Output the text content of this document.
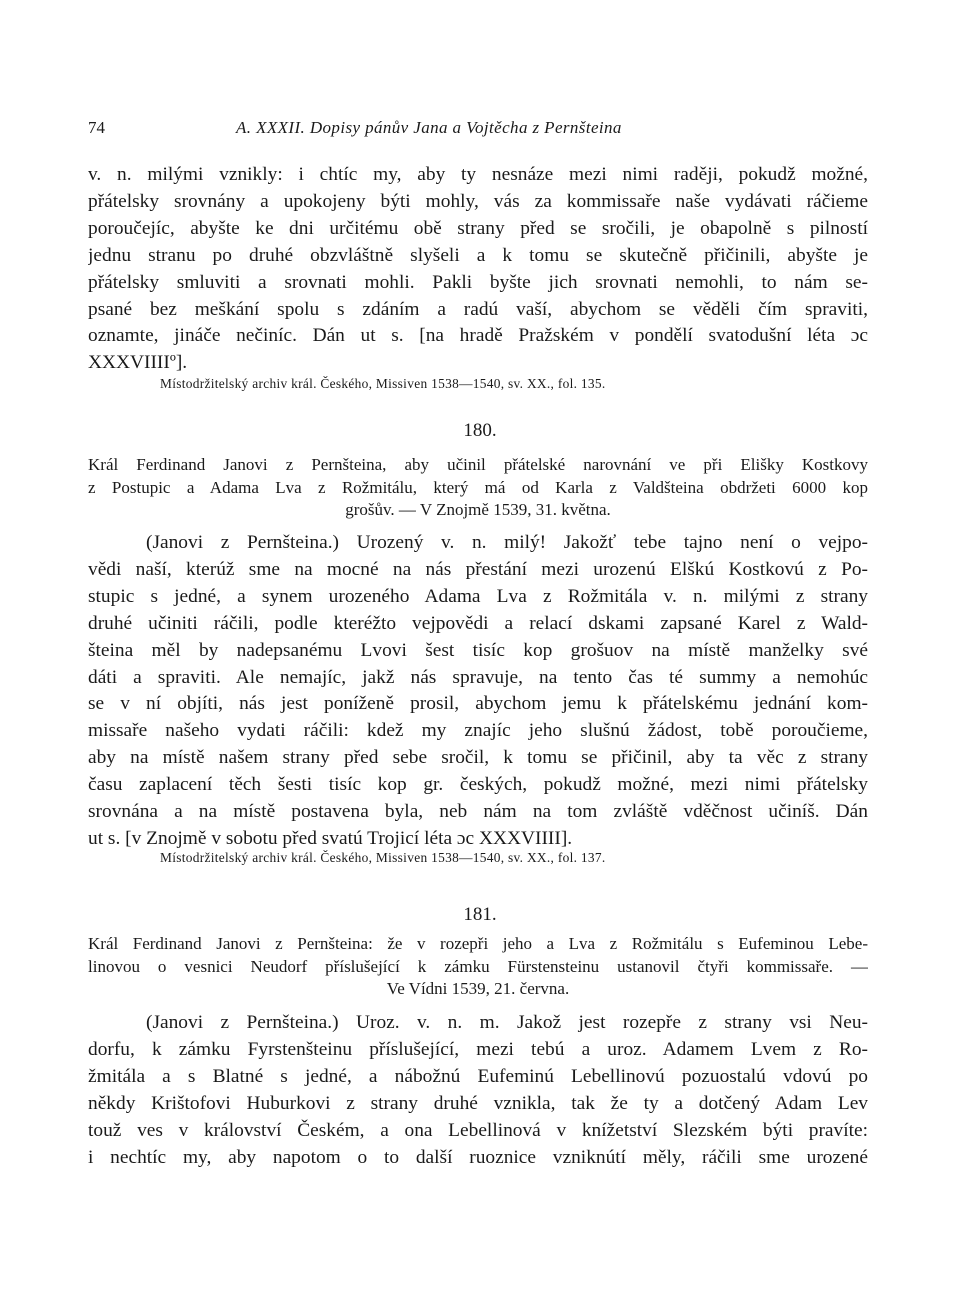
74	A. XXXII. Dopisy pánův Jana a Vojtěcha z Pernšteina
v. n. milými vznikly: i chtíc my, aby ty nesnáze mezi nimi raději, pokudž možné,
přátelsky srovnány a upokojeny býti mohly, vás za kommissaře naše vydávati ráčieme
poroučejíc, abyšte ke dni určitému obě strany před se sročili, je obapolně s pilností
jednu stranu po druhé obzvláštně slyšeli a k tomu se skutečně přičinili, abyšte je
přátelsky smluviti a srovnati mohli. Pakli byšte jich srovnati nemohli, to nám se-
psané bez meškání spolu s zdáním a radú vaší, abychom se věděli čím spraviti,
oznamte, jináče nečiníc. Dán ut s. [na hradě Pražském v pondělí svatodušní léta ɔc
XXXVIIIIº].
Místodržitelský archiv král. Českého, Missiven 1538—1540, sv. XX., fol. 135.
180.
Král Ferdinand Janovi z Pernšteina, aby učinil přátelské narovnání ve při Elišky Kostkovy
z Postupic a Adama Lva z Rožmitálu, který má od Karla z Valdšteina obdržeti 6000 kop
grošův. — V Znojmě 1539, 31. května.
(Janovi z Pernšteina.) Urozený v. n. milý! Jakožť tebe tajno není o vejpo-
vědi naší, kterúž sme na mocné na nás přestání mezi urozenú Elškú Kostkovú z Po-
stupic s jedné, a synem urozeného Adama Lva z Rožmitála v. n. milými z strany
druhé učiniti ráčili, podle kteréžto vejpovědi a relací dskami zapsané Karel z Wald-
šteina měl by nadepsanému Lvovi šest tisíc kop grošuov na místě manželky své
dáti a spraviti. Ale nemajíc, jakž nás spravuje, na tento čas té summy a nemohúc
se v ní objíti, nás jest poníženě prosil, abychom jemu k přátelskému jednání kom-
missaře našeho vydati ráčili: kdež my znajíc jeho slušnú žádost, tobě poroučieme,
aby na místě našem strany před sebe sročil, k tomu se přičinil, aby ta věc z strany
času zaplacení těch šesti tisíc kop gr. českých, pokudž možné, mezi nimi přátelsky
srovnána a na místě postavena byla, neb nám na tom zvláště vděčnost učiníš. Dán
ut s. [v Znojmě v sobotu před svatú Trojicí léta ɔc XXXVIIII].
Místodržitelský archiv král. Českého, Missiven 1538—1540, sv. XX., fol. 137.
181.
Král Ferdinand Janovi z Pernšteina: že v rozepři jeho a Lva z Rožmitálu s Eufeminou Lebe-
linovou o vesnici Neudorf příslušející k zámku Fürstensteinu ustanovil čtyři kommissaře. —
Ve Vídni 1539, 21. června.
(Janovi z Pernšteina.) Uroz. v. n. m. Jakož jest rozepře z strany vsi Neu-
dorfu, k zámku Fyrstenšteinu příslušející, mezi tebú a uroz. Adamem Lvem z Ro-
žmitála a s Blatné s jedné, a nábožnú Eufeminú Lebellinovú pozuostalú vdovú po
někdy Krištofovi Huburkovi z strany druhé vznikla, tak že ty a dotčený Adam Lev
touž ves v království Českém, a ona Lebellinová v knížetství Slezském býti pravíte:
i nechtíc my, aby napotom o to další ruoznice vzniknútí měly, ráčili sme urozené
